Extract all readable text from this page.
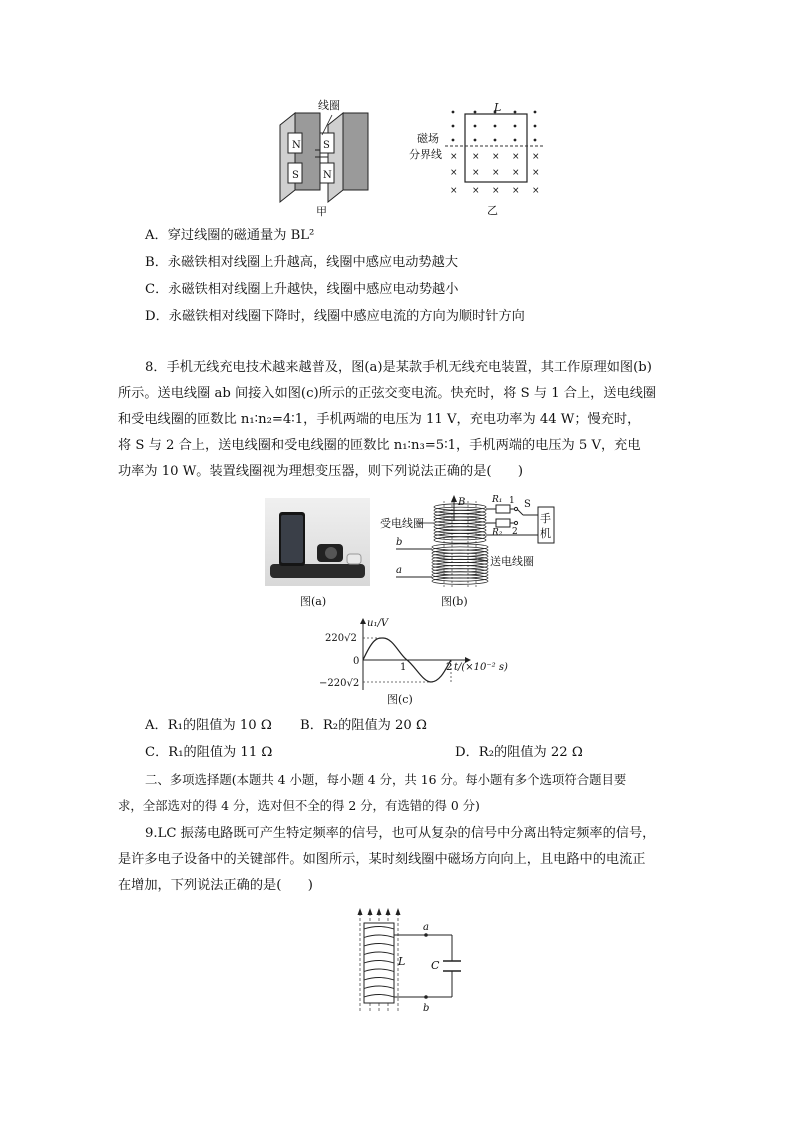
N
S
S
N
线圈
甲
× × × × ×
× × × × ×
× × × × ×
L
磁场
分界线
乙
A．穿过线圈的磁通量为 BL²
B．永磁铁相对线圈上升越高，线圈中感应电动势越大
C．永磁铁相对线圈上升越快，线圈中感应电动势越小
D．永磁铁相对线圈下降时，线圈中感应电流的方向为顺时针方向
8．手机无线充电技术越来越普及，图(a)是某款手机无线充电装置，其工作原理如图(b)
所示。送电线圈 ab 间接入如图(c)所示的正弦交变电流。快充时，将 S 与 1 合上，送电线圈
和受电线圈的匝数比 n₁∶n₂=4∶1，手机两端的电压为 11 V，充电功率为 44 W；慢充时，
将 S 与 2 合上，送电线圈和受电线圈的匝数比 n₁∶n₃=5∶1，手机两端的电压为 5 V，充电
功率为 10 W。装置线圈视为理想变压器，则下列说法正确的是(　　)
图(a)
B	R₁ 1
R₂ 2
S
手
机
受电线圈
送电线圈
b
a
图(b)
u₁/V
220√2
0
−220√2
1	2 t/(×10⁻² s)
图(c)
A．R₁的阻值为 10 Ω B．R₂的阻值为 20 Ω
C．R₁的阻值为 11 Ω	D．R₂的阻值为 22 Ω
二、多项选择题(本题共 4 小题，每小题 4 分，共 16 分。每小题有多个选项符合题目要
求，全部选对的得 4 分，选对但不全的得 2 分，有选错的得 0 分)
9.LC 振荡电路既可产生特定频率的信号，也可从复杂的信号中分离出特定频率的信号，
是许多电子设备中的关键部件。如图所示，某时刻线圈中磁场方向向上，且电路中的电流正
在增加，下列说法正确的是(　　)
L C
a
b
